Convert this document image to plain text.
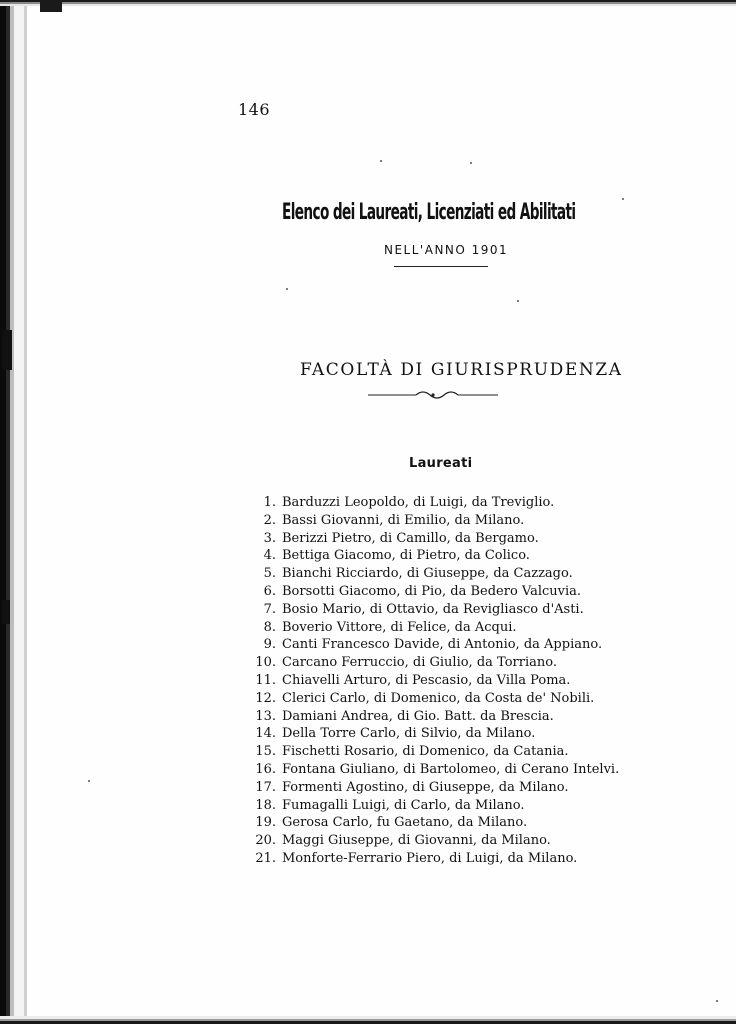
146
Elenco dei Laureati, Licenziati ed Abilitati
NELL'ANNO 1901
FACOLTÀ DI GIURISPRUDENZA
Laureati
1. Barduzzi Leopoldo, di Luigi, da Treviglio.
2. Bassi Giovanni, di Emilio, da Milano.
3. Berizzi Pietro, di Camillo, da Bergamo.
4. Bettiga Giacomo, di Pietro, da Colico.
5. Bianchi Ricciardo, di Giuseppe, da Cazzago.
6. Borsotti Giacomo, di Pio, da Bedero Valcuvia.
7. Bosio Mario, di Ottavio, da Revigliasco d'Asti.
8. Boverio Vittore, di Felice, da Acqui.
9. Canti Francesco Davide, di Antonio, da Appiano.
10. Carcano Ferruccio, di Giulio, da Torriano.
11. Chiavelli Arturo, di Pescasio, da Villa Poma.
12. Clerici Carlo, di Domenico, da Costa de' Nobili.
13. Damiani Andrea, di Gio. Batt. da Brescia.
14. Della Torre Carlo, di Silvio, da Milano.
15. Fischetti Rosario, di Domenico, da Catania.
16. Fontana Giuliano, di Bartolomeo, di Cerano Intelvi.
17. Formenti Agostino, di Giuseppe, da Milano.
18. Fumagalli Luigi, di Carlo, da Milano.
19. Gerosa Carlo, fu Gaetano, da Milano.
20. Maggi Giuseppe, di Giovanni, da Milano.
21. Monforte-Ferrario Piero, di Luigi, da Milano.
